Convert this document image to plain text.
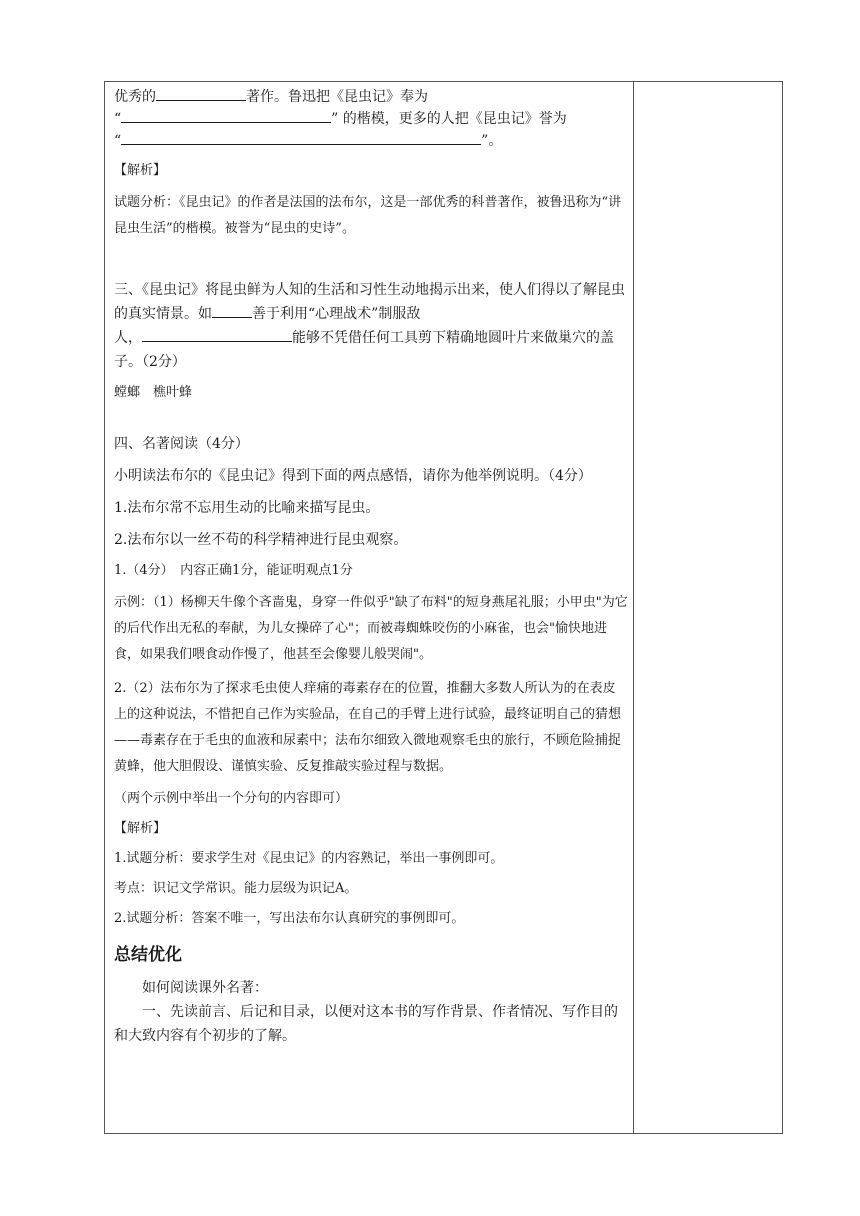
优秀的	著作。鲁迅把《昆虫记》奉为
“	” 的楷模，更多的人把《昆虫记》誉为
“	”。
【解析】
试题分析：《昆虫记》的作者是法国的法布尔，这是一部优秀的科普著作，被鲁迅称为“讲昆虫生活”的楷模。被誉为“昆虫的史诗”。
三、《昆虫记》将昆虫鲜为人知的生活和习性生动地揭示出来，使人们得以了解昆虫的真实情景。如	善于利用“心理战术”制服敌
人，	能够不凭借任何工具剪下精确地圆叶片来做巢穴的盖子。（2分）
螳螂　樵叶蜂
四、名著阅读（4分）
小明读法布尔的《昆虫记》得到下面的两点感悟，请你为他举例说明。（4分）
1.法布尔常不忘用生动的比喻来描写昆虫。
2.法布尔以一丝不苟的科学精神进行昆虫观察。
1.（4分）　内容正确1分，能证明观点1分
示例：（1）杨柳天牛像个吝啬鬼，身穿一件似乎"缺了布料"的短身燕尾礼服；小甲虫"为它的后代作出无私的奉献，为儿女操碎了心"；而被毒蜘蛛咬伤的小麻雀，也会"愉快地进食，如果我们喂食动作慢了，他甚至会像婴儿般哭闹"。
2.（2）法布尔为了探求毛虫使人痒痛的毒素存在的位置，推翻大多数人所认为的在表皮上的这种说法，不惜把自己作为实验品，在自己的手臂上进行试验，最终证明自己的猜想——毒素存在于毛虫的血液和尿素中；法布尔细致入微地观察毛虫的旅行，不顾危险捕捉黄蜂，他大胆假设、谨慎实验、反复推敲实验过程与数据。
（两个示例中举出一个分句的内容即可）
【解析】
1.试题分析：要求学生对《昆虫记》的内容熟记，举出一事例即可。
考点：识记文学常识。能力层级为识记A。
2.试题分析：答案不唯一，写出法布尔认真研究的事例即可。
总结优化
如何阅读课外名著：
一、先读前言、后记和目录，以便对这本书的写作背景、作者情况、写作目的和大致内容有个初步的了解。
